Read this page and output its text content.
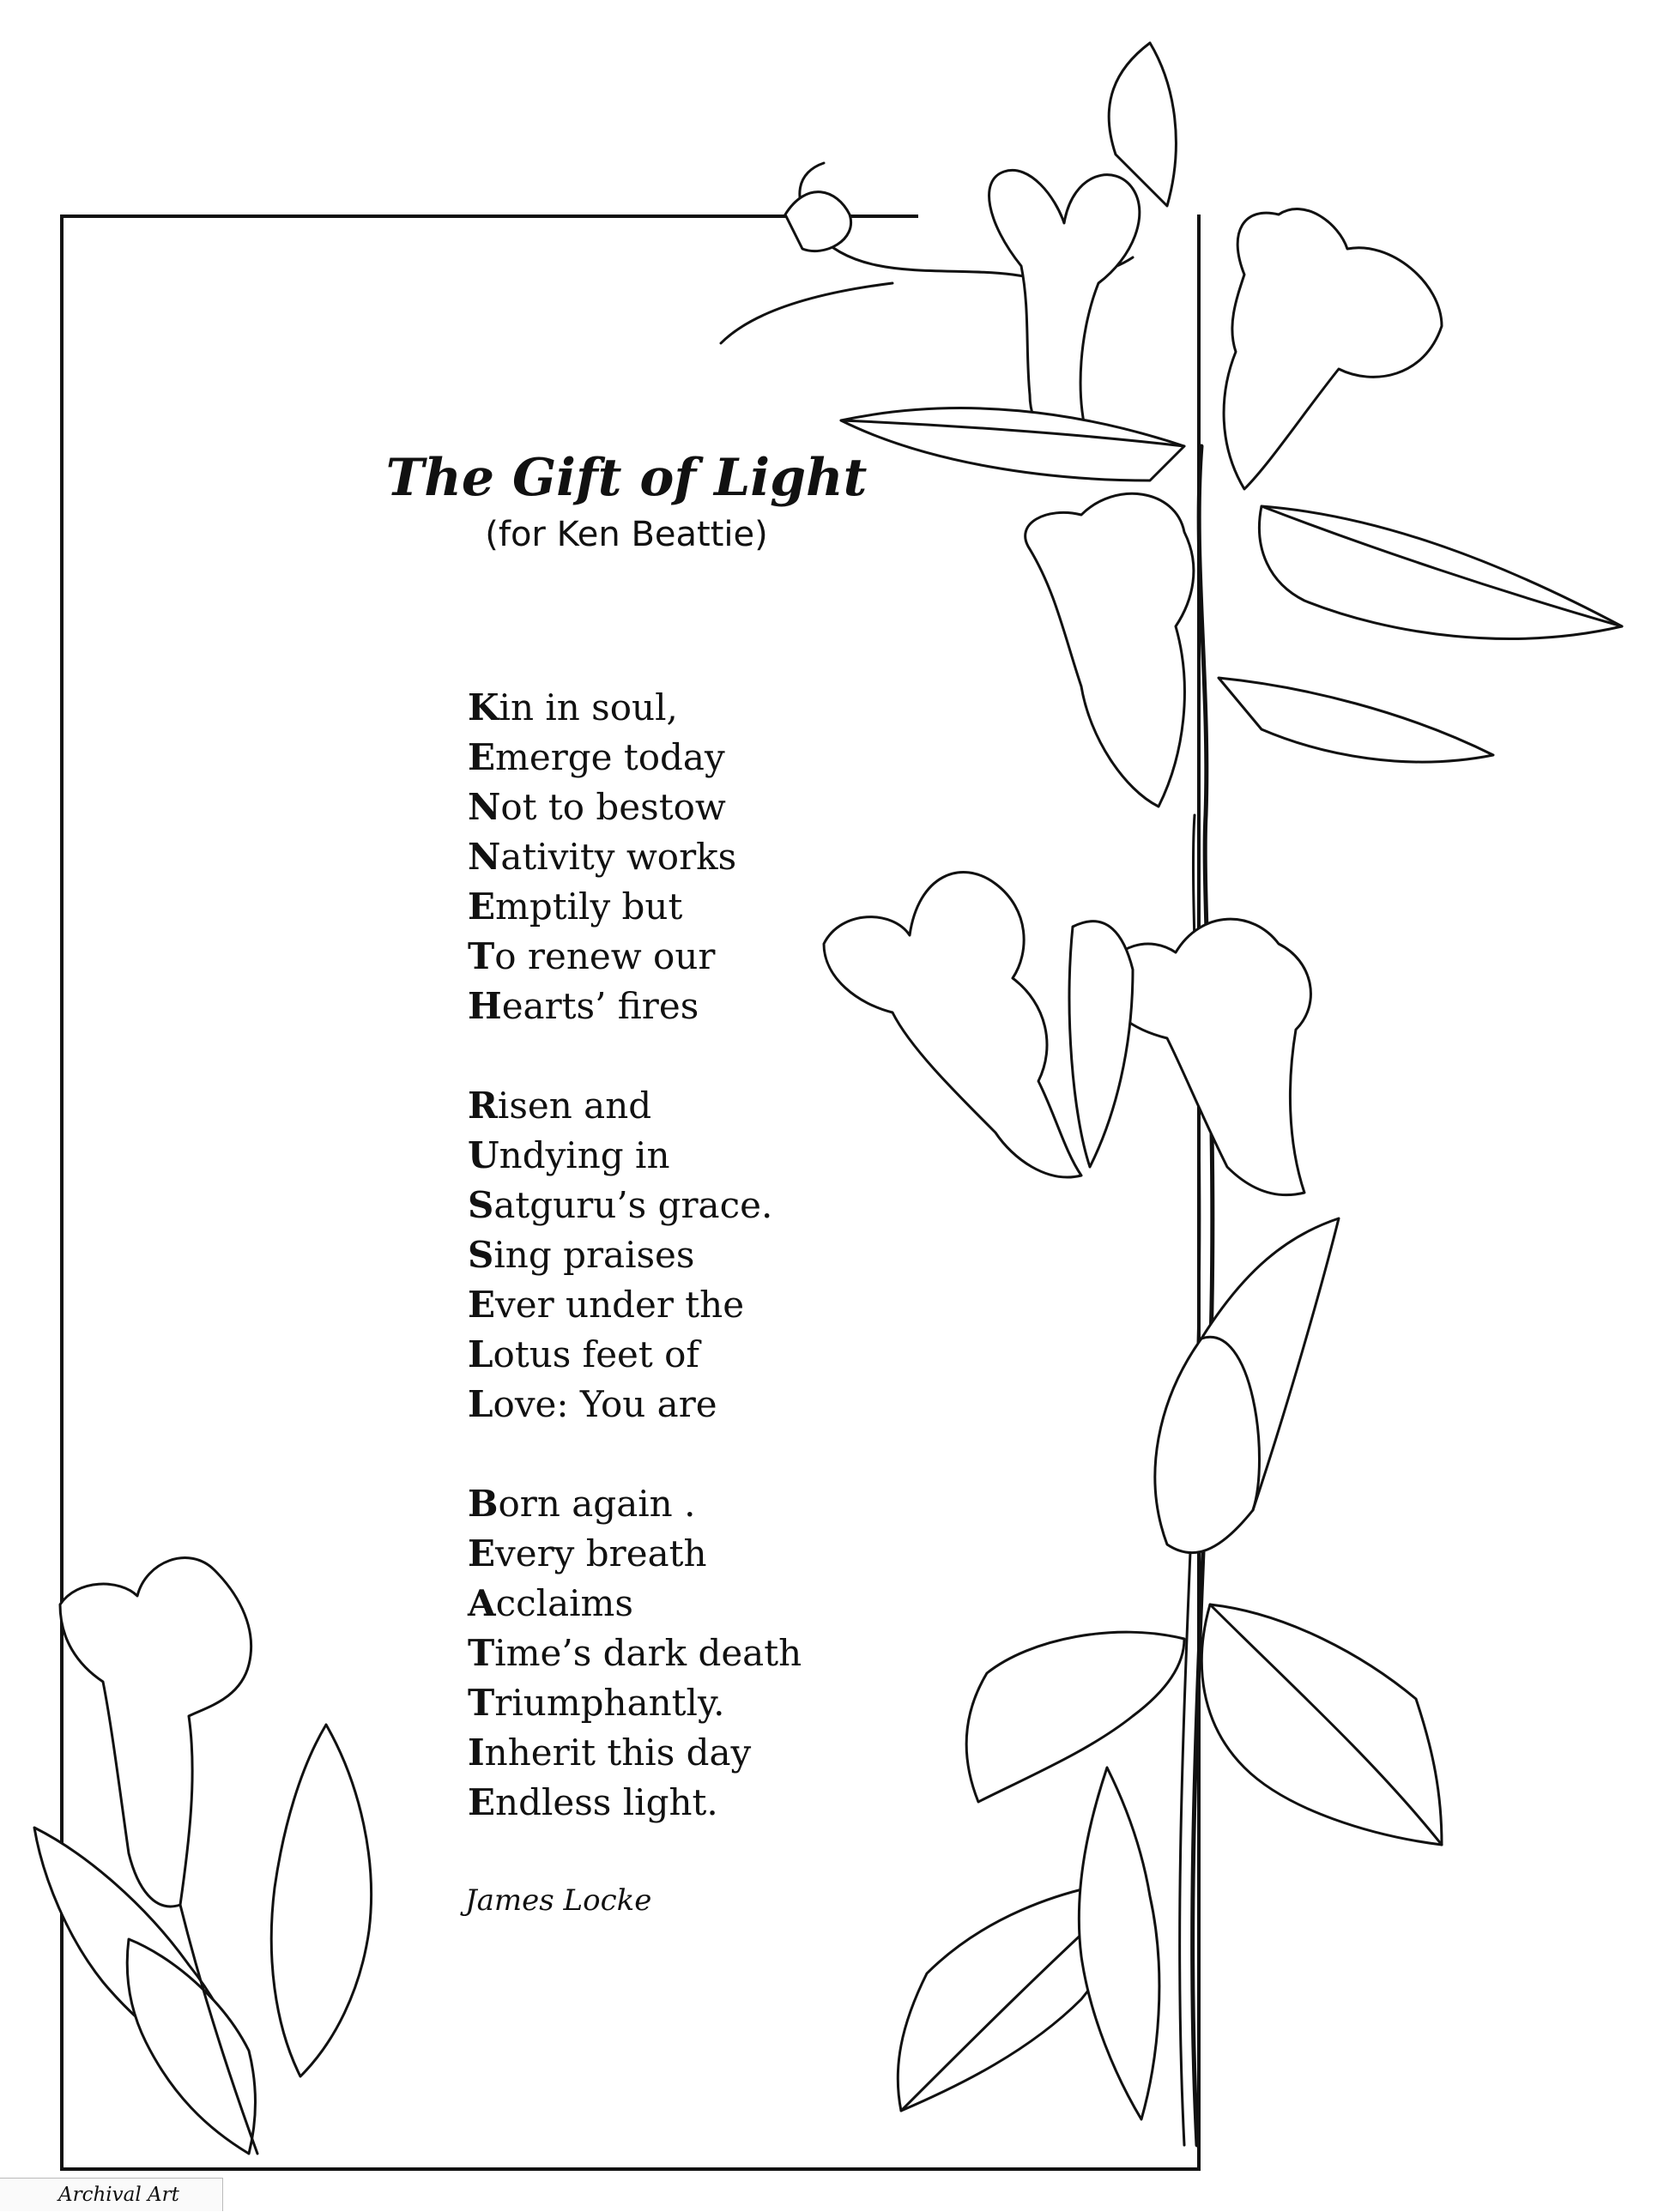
The Gift of Light
(for Ken Beattie)
Kin in soul,
Emerge today
Not to bestow
Nativity works
Emptily but
To renew our
Hearts’ fires
Risen and
Undying in
Satguru’s grace.
Sing praises
Ever under the
Lotus feet of
Love: You are
Born again .
Every breath
Acclaims
Time’s dark death
Triumphantly.
Inherit this day
Endless light.
James Locke
Archival Art
